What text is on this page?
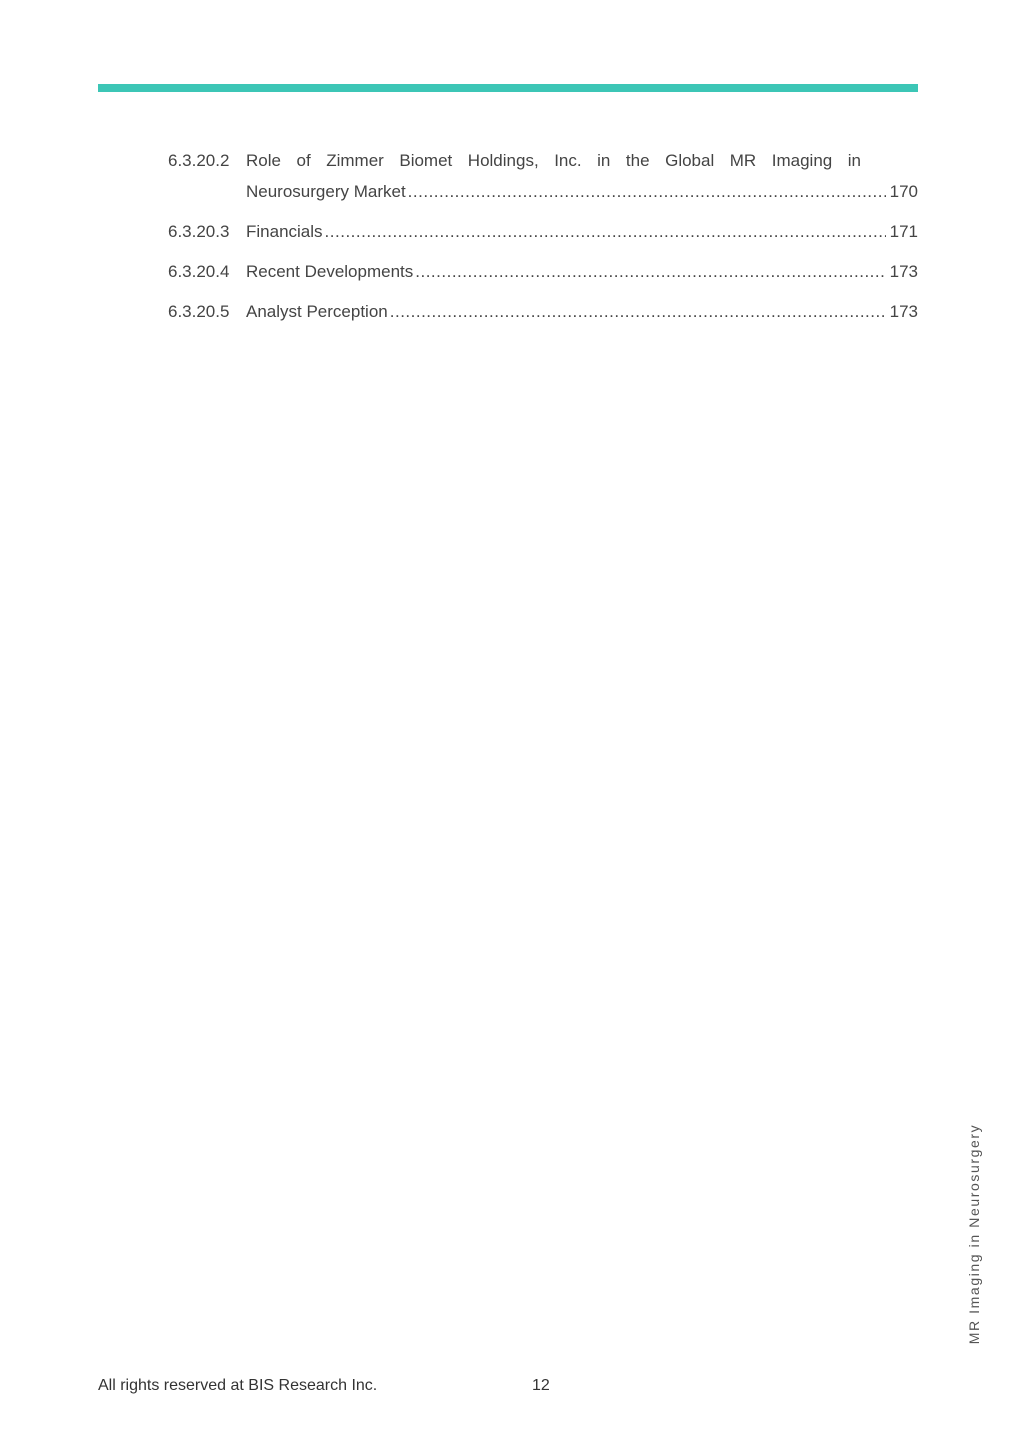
6.3.20.2 Role of Zimmer Biomet Holdings, Inc. in the Global MR Imaging in
Neurosurgery Market .....	170
6.3.20.3 Financials .....	171
6.3.20.4 Recent Developments .....	173
6.3.20.5 Analyst Perception .....	173
MR Imaging in Neurosurgery
All rights reserved at BIS Research Inc.	12
